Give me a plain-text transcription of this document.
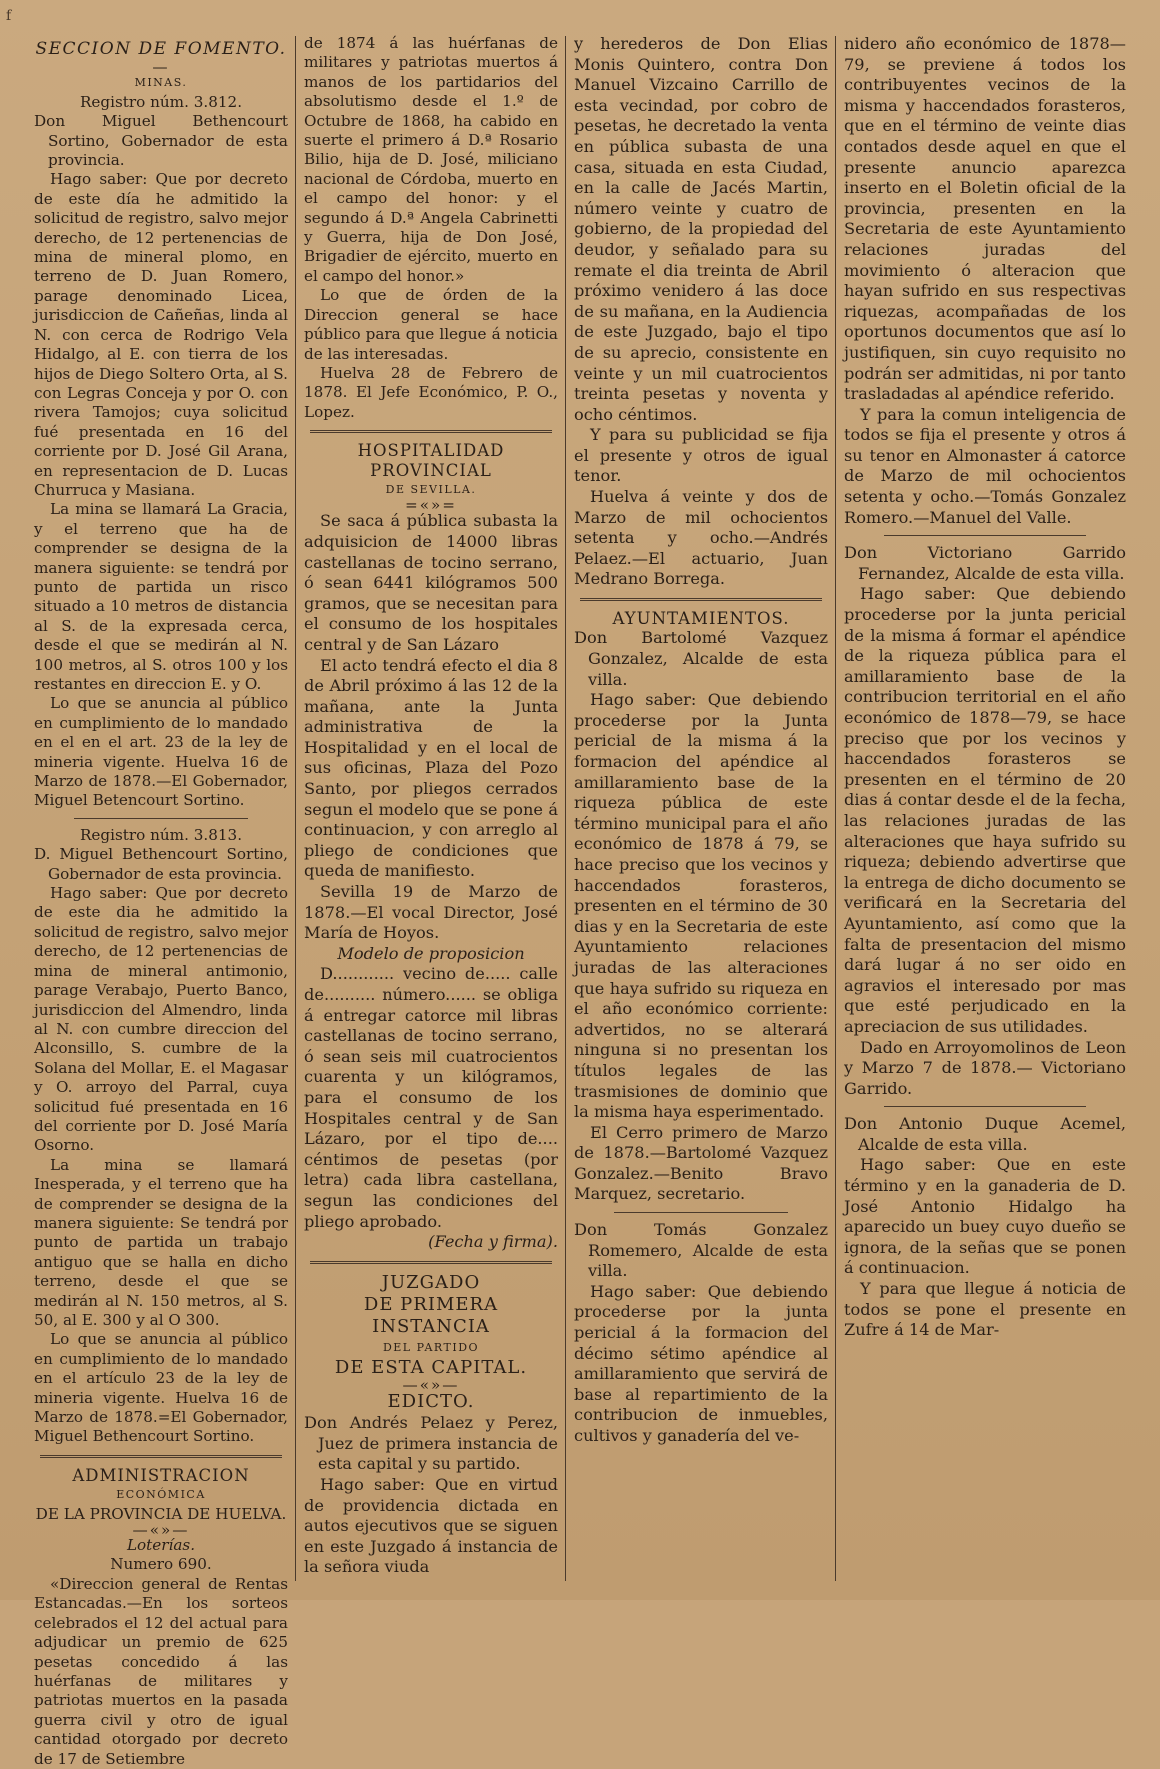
f

SECCION DE FOMENTO.

—

MINAS.

Registro núm. 3.812.

Don Miguel Bethencourt Sortino, Gobernador de esta provincia.

Hago saber: Que por decreto de este día he admitido la solicitud de registro, salvo mejor derecho, de 12 pertenencias de mina de mineral plomo, en terreno de D. Juan Romero, parage denominado Licea, jurisdiccion de Cañeñas, linda al N. con cerca de Rodrigo Vela Hidalgo, al E. con tierra de los hijos de Diego Soltero Orta, al S. con Legras Conceja y por O. con rivera Tamojos; cuya solicitud fué presentada en 16 del corriente por D. José Gil Arana, en representacion de D. Lucas Churruca y Masiana.

La mina se llamará La Gracia, y el terreno que ha de comprender se designa de la manera siguiente: se tendrá por punto de partida un risco situado a 10 metros de distancia al S. de la expresada cerca, desde el que se medirán al N. 100 metros, al S. otros 100 y los restantes en direccion E. y O.

Lo que se anuncia al público en cumplimiento de lo mandado en el en el art. 23 de la ley de mineria vigente. Huelva 16 de Marzo de 1878.—El Gobernador, Miguel Betencourt Sortino.

Registro núm. 3.813.

D. Miguel Bethencourt Sortino, Gobernador de esta provincia.

Hago saber: Que por decreto de este dia he admitido la solicitud de registro, salvo mejor derecho, de 12 pertenencias de mina de mineral antimonio, parage Verabajo, Puerto Banco, jurisdiccion del Almendro, linda al N. con cumbre direccion del Alconsillo, S. cumbre de la Solana del Mollar, E. el Magasar y O. arroyo del Parral, cuya solicitud fué presentada en 16 del corriente por D. José María Osorno.

La mina se llamará Inesperada, y el terreno que ha de comprender se designa de la manera siguiente: Se tendrá por punto de partida un trabajo antiguo que se halla en dicho terreno, desde el que se medirán al N. 150 metros, al S. 50, al E. 300 y al O 300.

Lo que se anuncia al público en cumplimiento de lo mandado en el artículo 23 de la ley de mineria vigente. Huelva 16 de Marzo de 1878.=El Gobernador, Miguel Bethencourt Sortino.

ADMINISTRACION

ECONÓMICA

DE LA PROVINCIA DE HUELVA.

—«»—

Loterías.

Numero 690.

«Direccion general de Rentas Estancadas.—En los sorteos celebrados el 12 del actual para adjudicar un premio de 625 pesetas concedido á las huérfanas de militares y patriotas muertos en la pasada guerra civil y otro de igual cantidad otorgado por decreto de 17 de Setiembre

de 1874 á las huérfanas de militares y patriotas muertos á manos de los partidarios del absolutismo desde el 1.º de Octubre de 1868, ha cabido en suerte el primero á D.ª Rosario Bilio, hija de D. José, miliciano nacional de Córdoba, muerto en el campo del honor: y el segundo á D.ª Angela Cabrinetti y Guerra, hija de Don José, Brigadier de ejército, muerto en el campo del honor.»

Lo que de órden de la Direccion general se hace público para que llegue á noticia de las interesadas.

Huelva 28 de Febrero de 1878. El Jefe Económico, P. O., Lopez.

HOSPITALIDAD PROVINCIAL

DE SEVILLA.

=«»=

Se saca á pública subasta la adquisicion de 14000 libras castellanas de tocino serrano, ó sean 6441 kilógramos 500 gramos, que se necesitan para el consumo de los hospitales central y de San Lázaro

El acto tendrá efecto el dia 8 de Abril próximo á las 12 de la mañana, ante la Junta administrativa de la Hospitalidad y en el local de sus oficinas, Plaza del Pozo Santo, por pliegos cerrados segun el modelo que se pone á continuacion, y con arreglo al pliego de condiciones que queda de manifiesto.

Sevilla 19 de Marzo de 1878.—El vocal Director, José María de Hoyos.

Modelo de proposicion

D............ vecino de..... calle de.......... número...... se obliga á entregar catorce mil libras castellanas de tocino serrano, ó sean seis mil cuatrocientos cuarenta y un kilógramos, para el consumo de los Hospitales central y de San Lázaro, por el tipo de.... céntimos de pesetas (por letra) cada libra castellana, segun las condiciones del pliego aprobado.

(Fecha y firma).

JUZGADO

DE PRIMERA INSTANCIA

DEL PARTIDO

DE ESTA CAPITAL.

—«»—

EDICTO.

Don Andrés Pelaez y Perez, Juez de primera instancia de esta capital y su partido.

Hago saber: Que en virtud de providencia dictada en autos ejecutivos que se siguen en este Juzgado á instancia de la señora viuda

y herederos de Don Elias Monis Quintero, contra Don Manuel Vizcaino Carrillo de esta vecindad, por cobro de pesetas, he decretado la venta en pública subasta de una casa, situada en esta Ciudad, en la calle de Jacés Martin, número veinte y cuatro de gobierno, de la propiedad del deudor, y señalado para su remate el dia treinta de Abril próximo venidero á las doce de su mañana, en la Audiencia de este Juzgado, bajo el tipo de su aprecio, consistente en veinte y un mil cuatrocientos treinta pesetas y noventa y ocho céntimos.

Y para su publicidad se fija el presente y otros de igual tenor.

Huelva á veinte y dos de Marzo de mil ochocientos setenta y ocho.—Andrés Pelaez.—El actuario, Juan Medrano Borrega.

AYUNTAMIENTOS.

Don Bartolomé Vazquez Gonzalez, Alcalde de esta villa.

Hago saber: Que debiendo procederse por la Junta pericial de la misma á la formacion del apéndice al amillaramiento base de la riqueza pública de este término municipal para el año económico de 1878 á 79, se hace preciso que los vecinos y haccendados forasteros, presenten en el término de 30 dias y en la Secretaria de este Ayuntamiento relaciones juradas de las alteraciones que haya sufrido su riqueza en el año económico corriente: advertidos, no se alterará ninguna si no presentan los títulos legales de las trasmisiones de dominio que la misma haya esperimentado.

El Cerro primero de Marzo de 1878.—Bartolomé Vazquez Gonzalez.—Benito Bravo Marquez, secretario.

Don Tomás Gonzalez Romemero, Alcalde de esta villa.

Hago saber: Que debiendo procederse por la junta pericial á la formacion del décimo sétimo apéndice al amillaramiento que servirá de base al repartimiento de la contribucion de inmuebles, cultivos y ganadería del ve-

nidero año económico de 1878—79, se previene á todos los contribuyentes vecinos de la misma y haccendados forasteros, que en el término de veinte dias contados desde aquel en que el presente anuncio aparezca inserto en el Boletin oficial de la provincia, presenten en la Secretaria de este Ayuntamiento relaciones juradas del movimiento ó alteracion que hayan sufrido en sus respectivas riquezas, acompañadas de los oportunos documentos que así lo justifiquen, sin cuyo requisito no podrán ser admitidas, ni por tanto trasladadas al apéndice referido.

Y para la comun inteligencia de todos se fija el presente y otros á su tenor en Almonaster á catorce de Marzo de mil ochocientos setenta y ocho.—Tomás Gonzalez Romero.—Manuel del Valle.

Don Victoriano Garrido Fernandez, Alcalde de esta villa.

Hago saber: Que debiendo procederse por la junta pericial de la misma á formar el apéndice de la riqueza pública para el amillaramiento base de la contribucion territorial en el año económico de 1878—79, se hace preciso que por los vecinos y haccendados forasteros se presenten en el término de 20 dias á contar desde el de la fecha, las relaciones juradas de las alteraciones que haya sufrido su riqueza; debiendo advertirse que la entrega de dicho documento se verificará en la Secretaria del Ayuntamiento, así como que la falta de presentacion del mismo dará lugar á no ser oido en agravios el interesado por mas que esté perjudicado en la apreciacion de sus utilidades.

Dado en Arroyomolinos de Leon y Marzo 7 de 1878.— Victoriano Garrido.

Don Antonio Duque Acemel, Alcalde de esta villa.

Hago saber: Que en este término y en la ganaderia de D. José Antonio Hidalgo ha aparecido un buey cuyo dueño se ignora, de la señas que se ponen á continuacion.

Y para que llegue á noticia de todos se pone el presente en Zufre á 14 de Mar-
